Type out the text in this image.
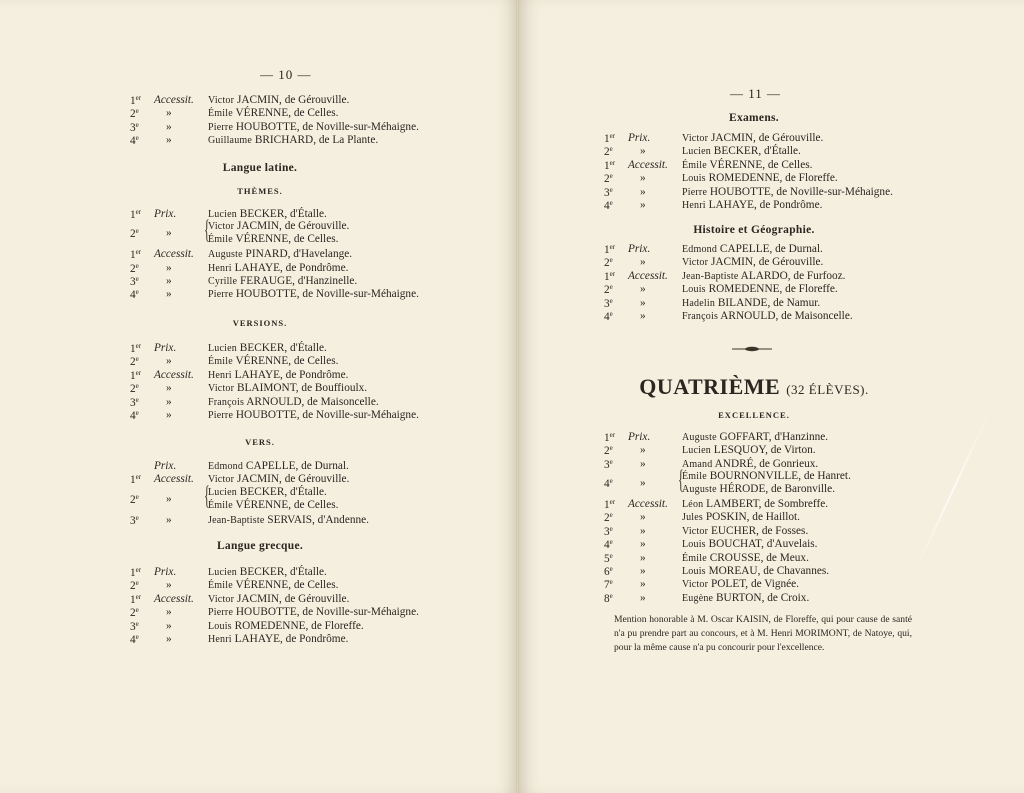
— 10 —
1er	Accessit.	Victor JACMIN, de Gérouville.
2e	»	Émile VÉRENNE, de Celles.
3e	»	Pierre HOUBOTTE, de Noville-sur-Méhaigne.
4e	»	Guillaume BRICHARD, de La Plante.
Langue latine.
THÈMES.
1er	Prix.	Lucien BECKER, d'Étalle.
2e	»	{
Victor JACMIN, de Gérouville.
Émile VÉRENNE, de Celles.
1er	Accessit.	Auguste PINARD, d'Havelange.
2e	»	Henri LAHAYE, de Pondrôme.
3e	»	Cyrille FERAUGE, d'Hanzinelle.
4e	»	Pierre HOUBOTTE, de Noville-sur-Méhaigne.
VERSIONS.
1er	Prix.	Lucien BECKER, d'Étalle.
2e	»	Émile VÉRENNE, de Celles.
1er	Accessit.	Henri LAHAYE, de Pondrôme.
2e	»	Victor BLAIMONT, de Bouffioulx.
3e	»	François ARNOULD, de Maisoncelle.
4e	»	Pierre HOUBOTTE, de Noville-sur-Méhaigne.
VERS.
Prix.	Edmond CAPELLE, de Durnal.
1er	Accessit.	Victor JACMIN, de Gérouville.
2e	»	{
Lucien BECKER, d'Étalle.
Émile VÉRENNE, de Celles.
3e	»	Jean-Baptiste SERVAIS, d'Andenne.
Langue grecque.
1er	Prix.	Lucien BECKER, d'Étalle.
2e	»	Émile VÉRENNE, de Celles.
1er	Accessit.	Victor JACMIN, de Gérouville.
2e	»	Pierre HOUBOTTE, de Noville-sur-Méhaigne.
3e	»	Louis ROMEDENNE, de Floreffe.
4e	»	Henri LAHAYE, de Pondrôme.
— 11 —
Examens.
1er	Prix.	Victor JACMIN, de Gérouville.
2e	»	Lucien BECKER, d'Étalle.
1er	Accessit.	Émile VÉRENNE, de Celles.
2e	»	Louis ROMEDENNE, de Floreffe.
3e	»	Pierre HOUBOTTE, de Noville-sur-Méhaigne.
4e	»	Henri LAHAYE, de Pondrôme.
Histoire et Géographie.
1er	Prix.	Edmond CAPELLE, de Durnal.
2e	»	Victor JACMIN, de Gérouville.
1er	Accessit.	Jean-Baptiste ALARDO, de Furfooz.
2e	»	Louis ROMEDENNE, de Floreffe.
3e	»	Hadelin BILANDE, de Namur.
4e	»	François ARNOULD, de Maisoncelle.
QUATRIÈME (32 ÉLÈVES).
EXCELLENCE.
1er	Prix.	Auguste GOFFART, d'Hanzinne.
2e	»	Lucien LESQUOY, de Virton.
3e	»	Amand ANDRÉ, de Gonrieux.
4e	»	{
Émile BOURNONVILLE, de Hanret.
Auguste HÉRODE, de Baronville.
1er	Accessit.	Léon LAMBERT, de Sombreffe.
2e	»	Jules POSKIN, de Haillot.
3e	»	Victor EUCHER, de Fosses.
4e	»	Louis BOUCHAT, d'Auvelais.
5e	»	Émile CROUSSE, de Meux.
6e	»	Louis MOREAU, de Chavannes.
7e	»	Victor POLET, de Vignée.
8e	»	Eugène BURTON, de Croix.
Mention honorable à M. Oscar KAISIN, de Floreffe, qui pour cause de santé n'a pu prendre part au concours, et à M. Henri MORIMONT, de Natoye, qui, pour la même cause n'a pu concourir pour l'excellence.
